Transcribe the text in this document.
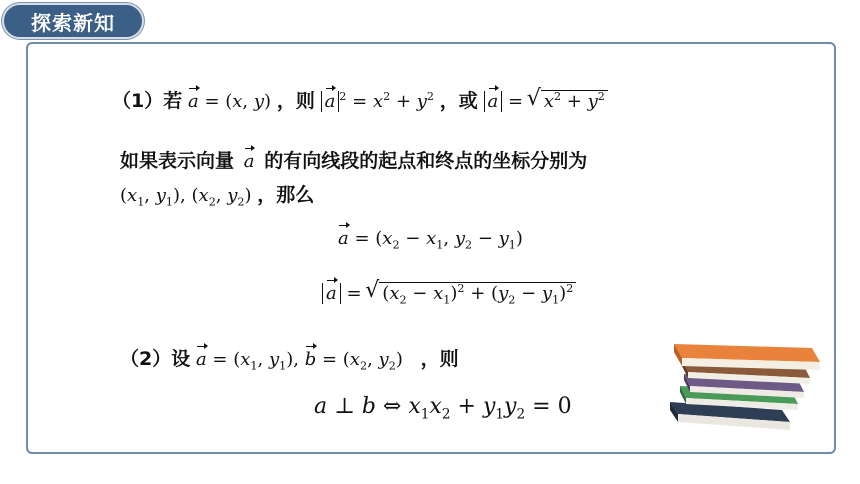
探索新知
（1）若 a = (x, y) ，则 a $^2 = x^2 + y^2$ ，或 a = √ $x^2 + y^2$
如果表示向量 a 的有向线段的起点和终点的坐标分别为
($x_1$, $y_1$), ($x_2$, $y_2$) ，那么
$a = (x_2 - x_1$, $y_2 - y_1$)
a = √ $(x_2 - x_1)^2 + (y_2 - y_1)^2$
（2）设 $a = (x_1$, $y_1$), $b = (x_2$, $y_2$) ，则
a ⊥ b ⇔ $x_1x_2 + y_1y_2 = 0$
